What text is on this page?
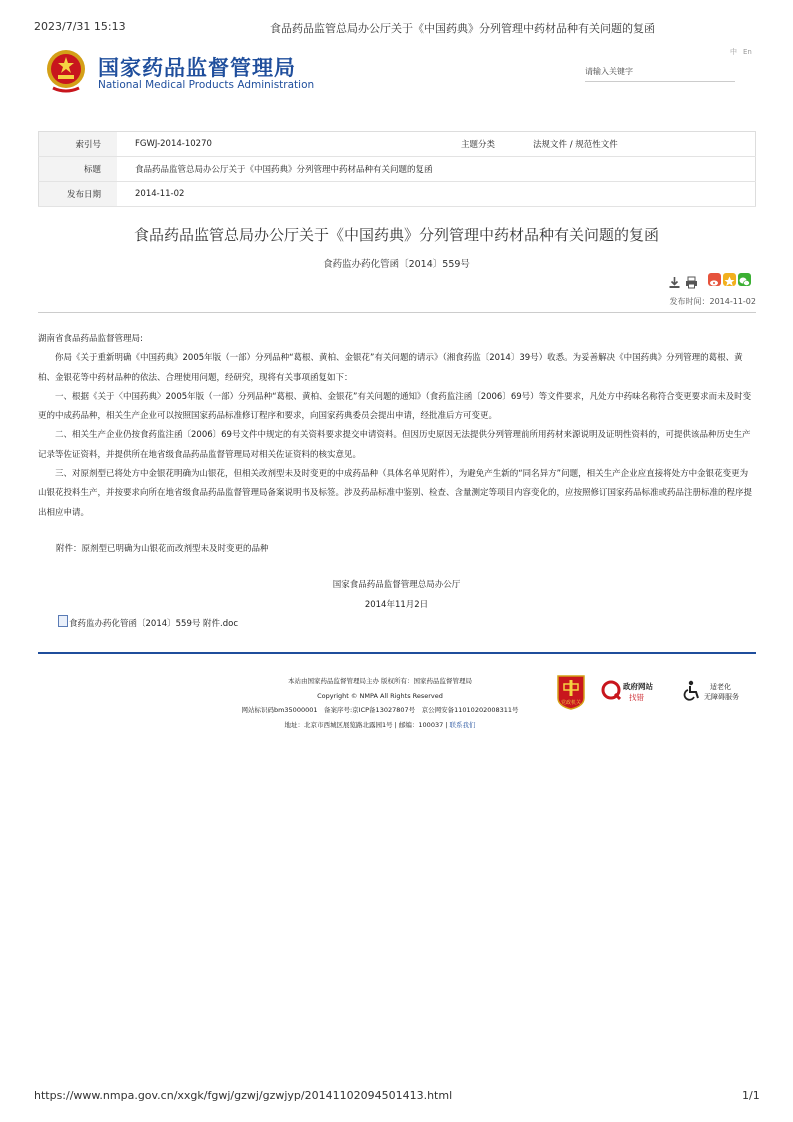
2023/7/31 15:13	食品药品监管总局办公厅关于《中国药典》分列管理中药材品种有关问题的复函
国家药品监督管理局
National Medical Products Administration
中 En
请输入关键字
索引号	FGWJ-2014-10270	主题分类	法规文件 / 规范性文件
标题	食品药品监管总局办公厅关于《中国药典》分列管理中药材品种有关问题的复函		
发布日期	2014-11-02		
食品药品监管总局办公厅关于《中国药典》分列管理中药材品种有关问题的复函
食药监办药化管函〔2014〕559号
发布时间：2014-11-02

湖南省食品药品监督管理局:

你局《关于重新明确《中国药典》2005年版（一部）分列品种“葛根、黄柏、金银花”有关问题的请示》（湘食药监〔2014〕39号）收悉。为妥善解决《中国药典》分列管理的葛根、黄柏、金银花等中药材品种的依法、合理使用问题，经研究，现将有关事项函复如下：

一、根据《关于〈中国药典〉2005年版（一部）分列品种“葛根、黄柏、金银花”有关问题的通知》（食药监注函〔2006〕69号）等文件要求，凡处方中药味名称符合变更要求而未及时变更的中成药品种，相关生产企业可以按照国家药品标准修订程序和要求，向国家药典委员会提出申请，经批准后方可变更。

二、相关生产企业仍按食药监注函〔2006〕69号文件中规定的有关资料要求提交申请资料。但因历史原因无法提供分列管理前所用药材来源说明及证明性资料的，可提供该品种历史生产记录等佐证资料，并提供所在地省级食品药品监督管理局对相关佐证资料的核实意见。

三、对原剂型已将处方中金银花明确为山银花，但相关改剂型未及时变更的中成药品种（具体名单见附件），为避免产生新的“同名异方”问题，相关生产企业应直接将处方中金银花变更为山银花投料生产，并按要求向所在地省级食品药品监督管理局备案说明书及标签。涉及药品标准中鉴别、检查、含量测定等项目内容变化的，应按照修订国家药品标准或药品注册标准的程序提出相应申请。

附件：原剂型已明确为山银花而改剂型未及时变更的品种
国家食品药品监督管理总局办公厅
2014年11月2日
食药监办药化管函〔2014〕559号 附件.doc
本站由国家药品监督管理局主办 版权所有：国家药品监督管理局
Copyright © NMPA All Rights Reserved
网站标识码bm35000001　备案序号:京ICP备13027807号　京公网安备11010202008311号
地址：北京市西城区展览路北露园1号 | 邮编：100037 | 联系我们
党政机关
政府网站
找错
适老化
无障碍服务
https://www.nmpa.gov.cn/xxgk/fgwj/gzwj/gzwjyp/20141102094501413.html	1/1
